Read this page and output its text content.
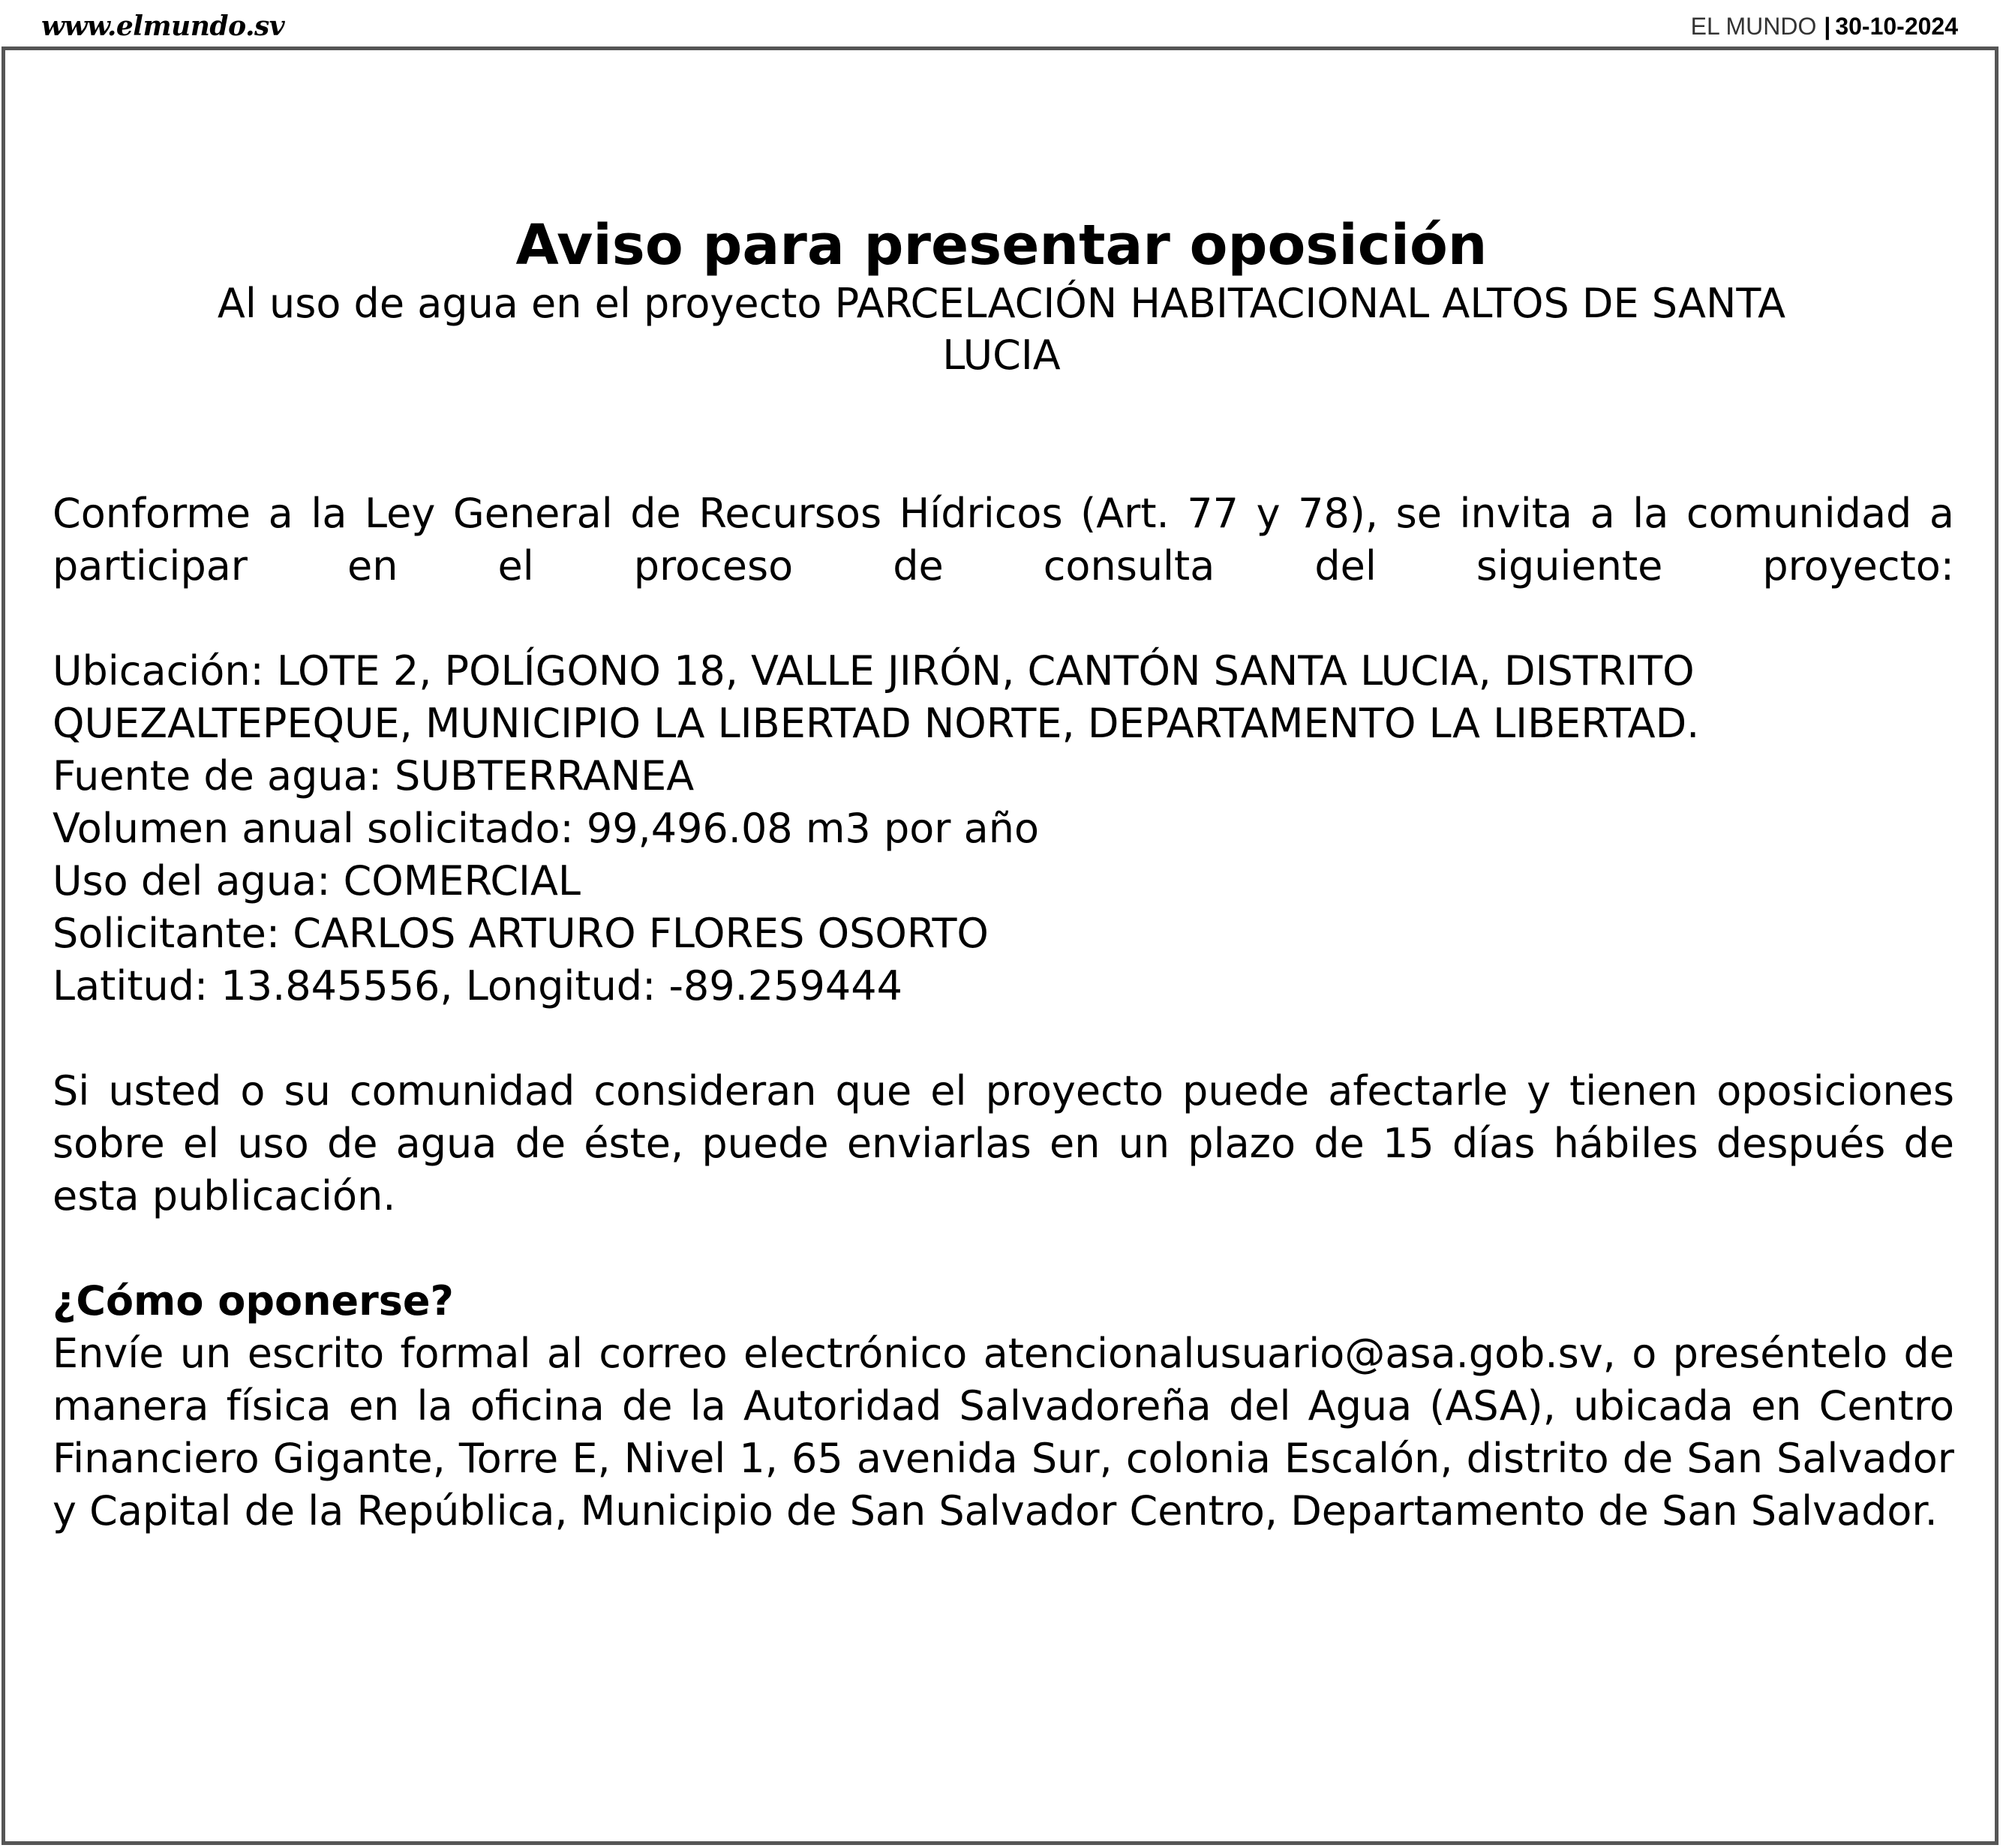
www.elmundo.sv	EL MUNDO | 30-10-2024
Aviso para presentar oposición
Al uso de agua en el proyecto PARCELACIÓN HABITACIONAL ALTOS DE SANTA LUCIA

Conforme a la Ley General de Recursos Hídricos (Art. 77 y 78), se invita a la comunidad a participar en el proceso de consulta del siguiente proyecto:

Ubicación: LOTE 2, POLÍGONO 18, VALLE JIRÓN, CANTÓN SANTA LUCIA, DISTRITO QUEZALTEPEQUE, MUNICIPIO LA LIBERTAD NORTE, DEPARTAMENTO LA LIBERTAD.

Fuente de agua: SUBTERRANEA

Volumen anual solicitado: 99,496.08 m3 por año

Uso del agua: COMERCIAL

Solicitante: CARLOS ARTURO FLORES OSORTO

Latitud: 13.845556, Longitud: -89.259444

Si usted o su comunidad consideran que el proyecto puede afectarle y tienen oposiciones sobre el uso de agua de éste, puede enviarlas en un plazo de 15 días hábiles después de esta publicación.

¿Cómo oponerse?

Envíe un escrito formal al correo electrónico atencionalusuario@asa.gob.sv, o preséntelo de manera física en la oficina de la Autoridad Salvadoreña del Agua (ASA), ubicada en Centro Financiero Gigante, Torre E, Nivel 1, 65 avenida Sur, colonia Escalón, distrito de San Salvador y Capital de la República, Municipio de San Salvador Centro, Departamento de San Salvador.
